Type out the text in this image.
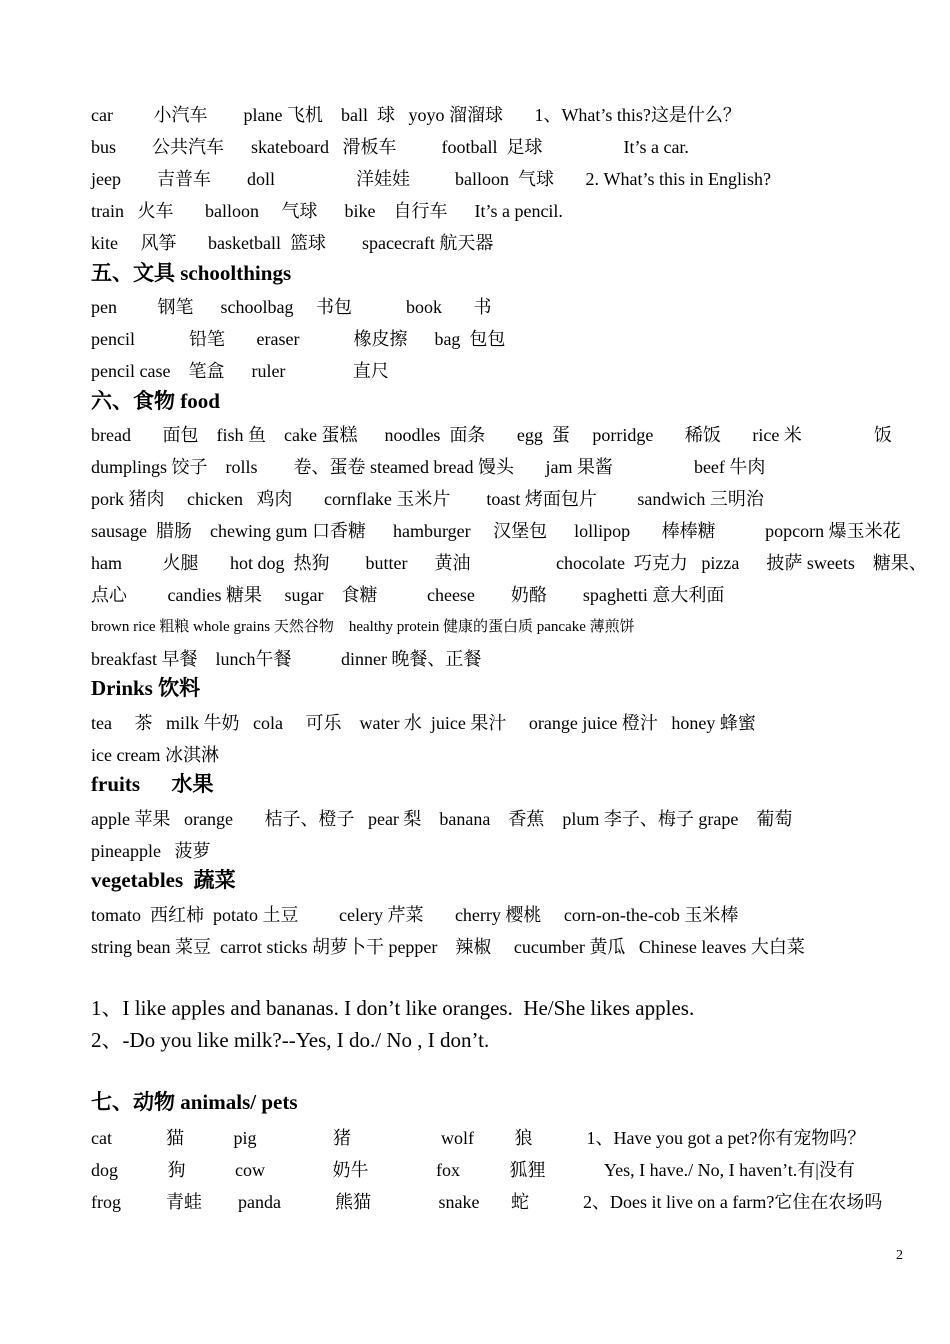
car         小汽车        plane 飞机    ball  球   yoyo 溜溜球       1、What’s this?这是什么？
bus        公共汽车      skateboard   滑板车          football  足球                  It’s a car.
jeep        吉普车        doll                  洋娃娃          balloon  气球       2. What’s this in English?
train   火车       balloon     气球      bike    自行车      It’s a pencil.
kite     风筝       basketball  篮球        spacecraft 航天器
五、文具 schoolthings
pen         钢笔      schoolbag     书包            book       书
pencil            铅笔       eraser            橡皮擦      bag  包包
pencil case    笔盒      ruler               直尺
六、食物 food
bread       面包    fish 鱼    cake 蛋糕      noodles  面条       egg  蛋     porridge       稀饭       rice 米                饭
dumplings 饺子    rolls        卷、蛋卷 steamed bread 馒头       jam 果酱                  beef 牛肉
pork 猪肉     chicken   鸡肉       cornflake 玉米片        toast 烤面包片         sandwich 三明治
sausage  腊肠    chewing gum 口香糖      hamburger     汉堡包      lollipop       棒棒糖           popcorn 爆玉米花
ham         火腿       hot dog  热狗        butter      黄油                   chocolate  巧克力   pizza      披萨 sweets    糖果、
点心         candies 糖果     sugar    食糖           cheese        奶酪        spaghetti 意大利面
brown rice 粗粮 whole grains 天然谷物    healthy protein 健康的蛋白质 pancake 薄煎饼
breakfast 早餐    lunch午餐           dinner 晚餐、正餐
Drinks 饮料
tea     茶   milk 牛奶   cola     可乐    water 水  juice 果汁     orange juice 橙汁   honey 蜂蜜
ice cream 冰淇淋
fruits      水果
apple 苹果   orange       桔子、橙子   pear 梨    banana    香蕉    plum 李子、梅子 grape    葡萄
pineapple   菠萝
vegetables  蔬菜
tomato  西红柿  potato 土豆         celery 芹菜       cherry 樱桃     corn-on-the-cob 玉米棒
string bean 菜豆  carrot sticks 胡萝卜干 pepper    辣椒     cucumber 黄瓜   Chinese leaves 大白菜
1、I like apples and bananas. I don’t like oranges.  He/She likes apples.
2、-Do you like milk?--Yes, I do./ No , I don’t.
七、动物 animals/ pets
cat            猫           pig                 猪                    wolf         狼            1、Have you got a pet?你有宠物吗？
dog           狗           cow               奶牛               fox           狐狸             Yes, I have./ No, I haven’t.有|没有
frog          青蛙        panda            熊猫               snake       蛇            2、Does it live on a farm?它住在农场吗
2
